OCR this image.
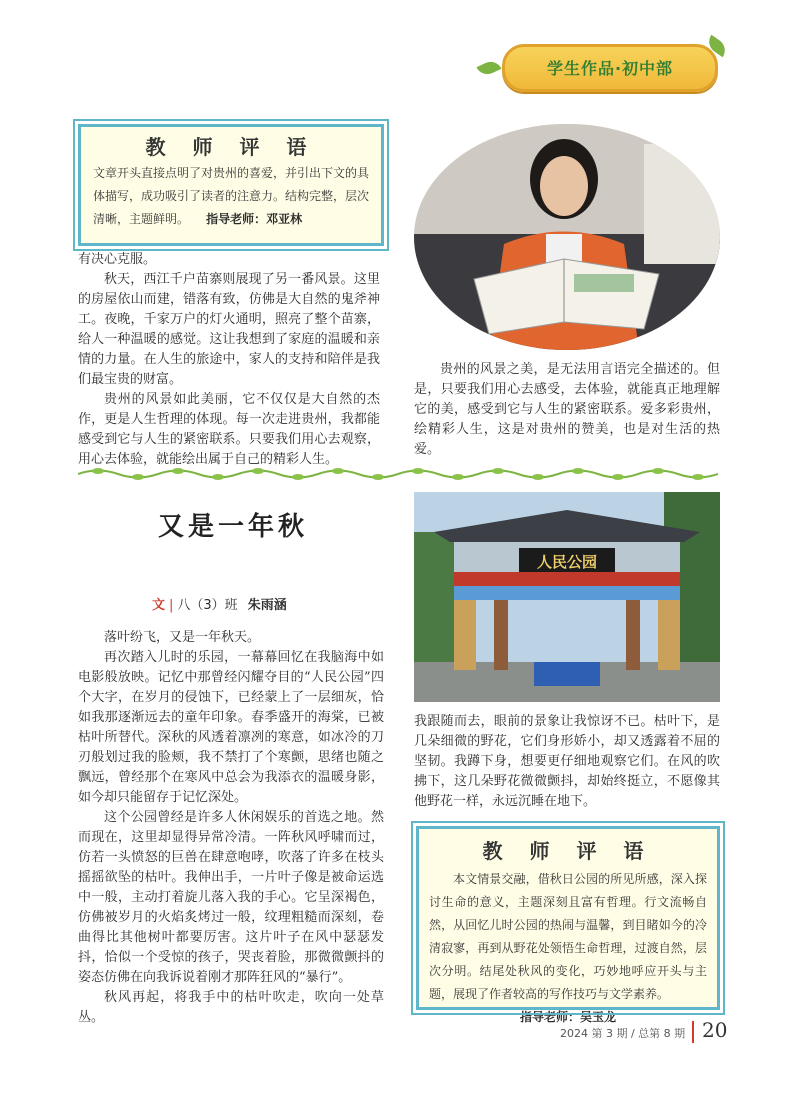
学生作品·初中部
教 师 评 语
文章开头直接点明了对贵州的喜爱，并引出下文的具体描写，成功吸引了读者的注意力。结构完整，层次清晰，主题鲜明。 指导老师：邓亚林

有决心克服。

秋天，西江千户苗寨则展现了另一番风景。这里的房屋依山而建，错落有致，仿佛是大自然的鬼斧神工。夜晚，千家万户的灯火通明，照亮了整个苗寨，给人一种温暖的感觉。这让我想到了家庭的温暖和亲情的力量。在人生的旅途中，家人的支持和陪伴是我们最宝贵的财富。

贵州的风景如此美丽，它不仅仅是大自然的杰作，更是人生哲理的体现。每一次走进贵州，我都能感受到它与人生的紧密联系。只要我们用心去观察，用心去体验，就能绘出属于自己的精彩人生。

贵州的风景之美，是无法用言语完全描述的。但是，只要我们用心去感受，去体验，就能真正地理解它的美，感受到它与人生的紧密联系。爱多彩贵州，绘精彩人生，这是对贵州的赞美，也是对生活的热爱。

又是一年秋
文 | 八（3）班 朱雨涵

落叶纷飞，又是一年秋天。

再次踏入儿时的乐园，一幕幕回忆在我脑海中如电影般放映。记忆中那曾经闪耀夺目的“人民公园”四个大字，在岁月的侵蚀下，已经蒙上了一层细灰，恰如我那逐渐远去的童年印象。春季盛开的海棠，已被枯叶所替代。深秋的风透着凛冽的寒意，如冰冷的刀刃般划过我的脸颊，我不禁打了个寒颤，思绪也随之飘远，曾经那个在寒风中总会为我添衣的温暖身影，如今却只能留存于记忆深处。

这个公园曾经是许多人休闲娱乐的首选之地。然而现在，这里却显得异常冷清。一阵秋风呼啸而过，仿若一头愤怒的巨兽在肆意咆哮，吹落了许多在枝头摇摇欲坠的枯叶。我伸出手，一片叶子像是被命运选中一般，主动打着旋儿落入我的手心。它呈深褐色，仿佛被岁月的火焰炙烤过一般，纹理粗糙而深刻，卷曲得比其他树叶都要厉害。这片叶子在风中瑟瑟发抖，恰似一个受惊的孩子，哭丧着脸，那微微颤抖的姿态仿佛在向我诉说着刚才那阵狂风的“暴行”。

秋风再起，将我手中的枯叶吹走，吹向一处草丛。

人民公园

我跟随而去，眼前的景象让我惊讶不已。枯叶下，是几朵细微的野花，它们身形娇小，却又透露着不屈的坚韧。我蹲下身，想要更仔细地观察它们。在风的吹拂下，这几朵野花微微颤抖，却始终挺立，不愿像其他野花一样，永远沉睡在地下。

教 师 评 语
本文情景交融，借秋日公园的所见所感，深入探讨生命的意义，主题深刻且富有哲理。行文流畅自然，从回忆儿时公园的热闹与温馨，到目睹如今的冷清寂寥，再到从野花处领悟生命哲理，过渡自然，层次分明。结尾处秋风的变化，巧妙地呼应开头与主题，展现了作者较高的写作技巧与文学素养。
指导老师：吴玉龙
2024 第 3 期 / 总第 8 期 20
